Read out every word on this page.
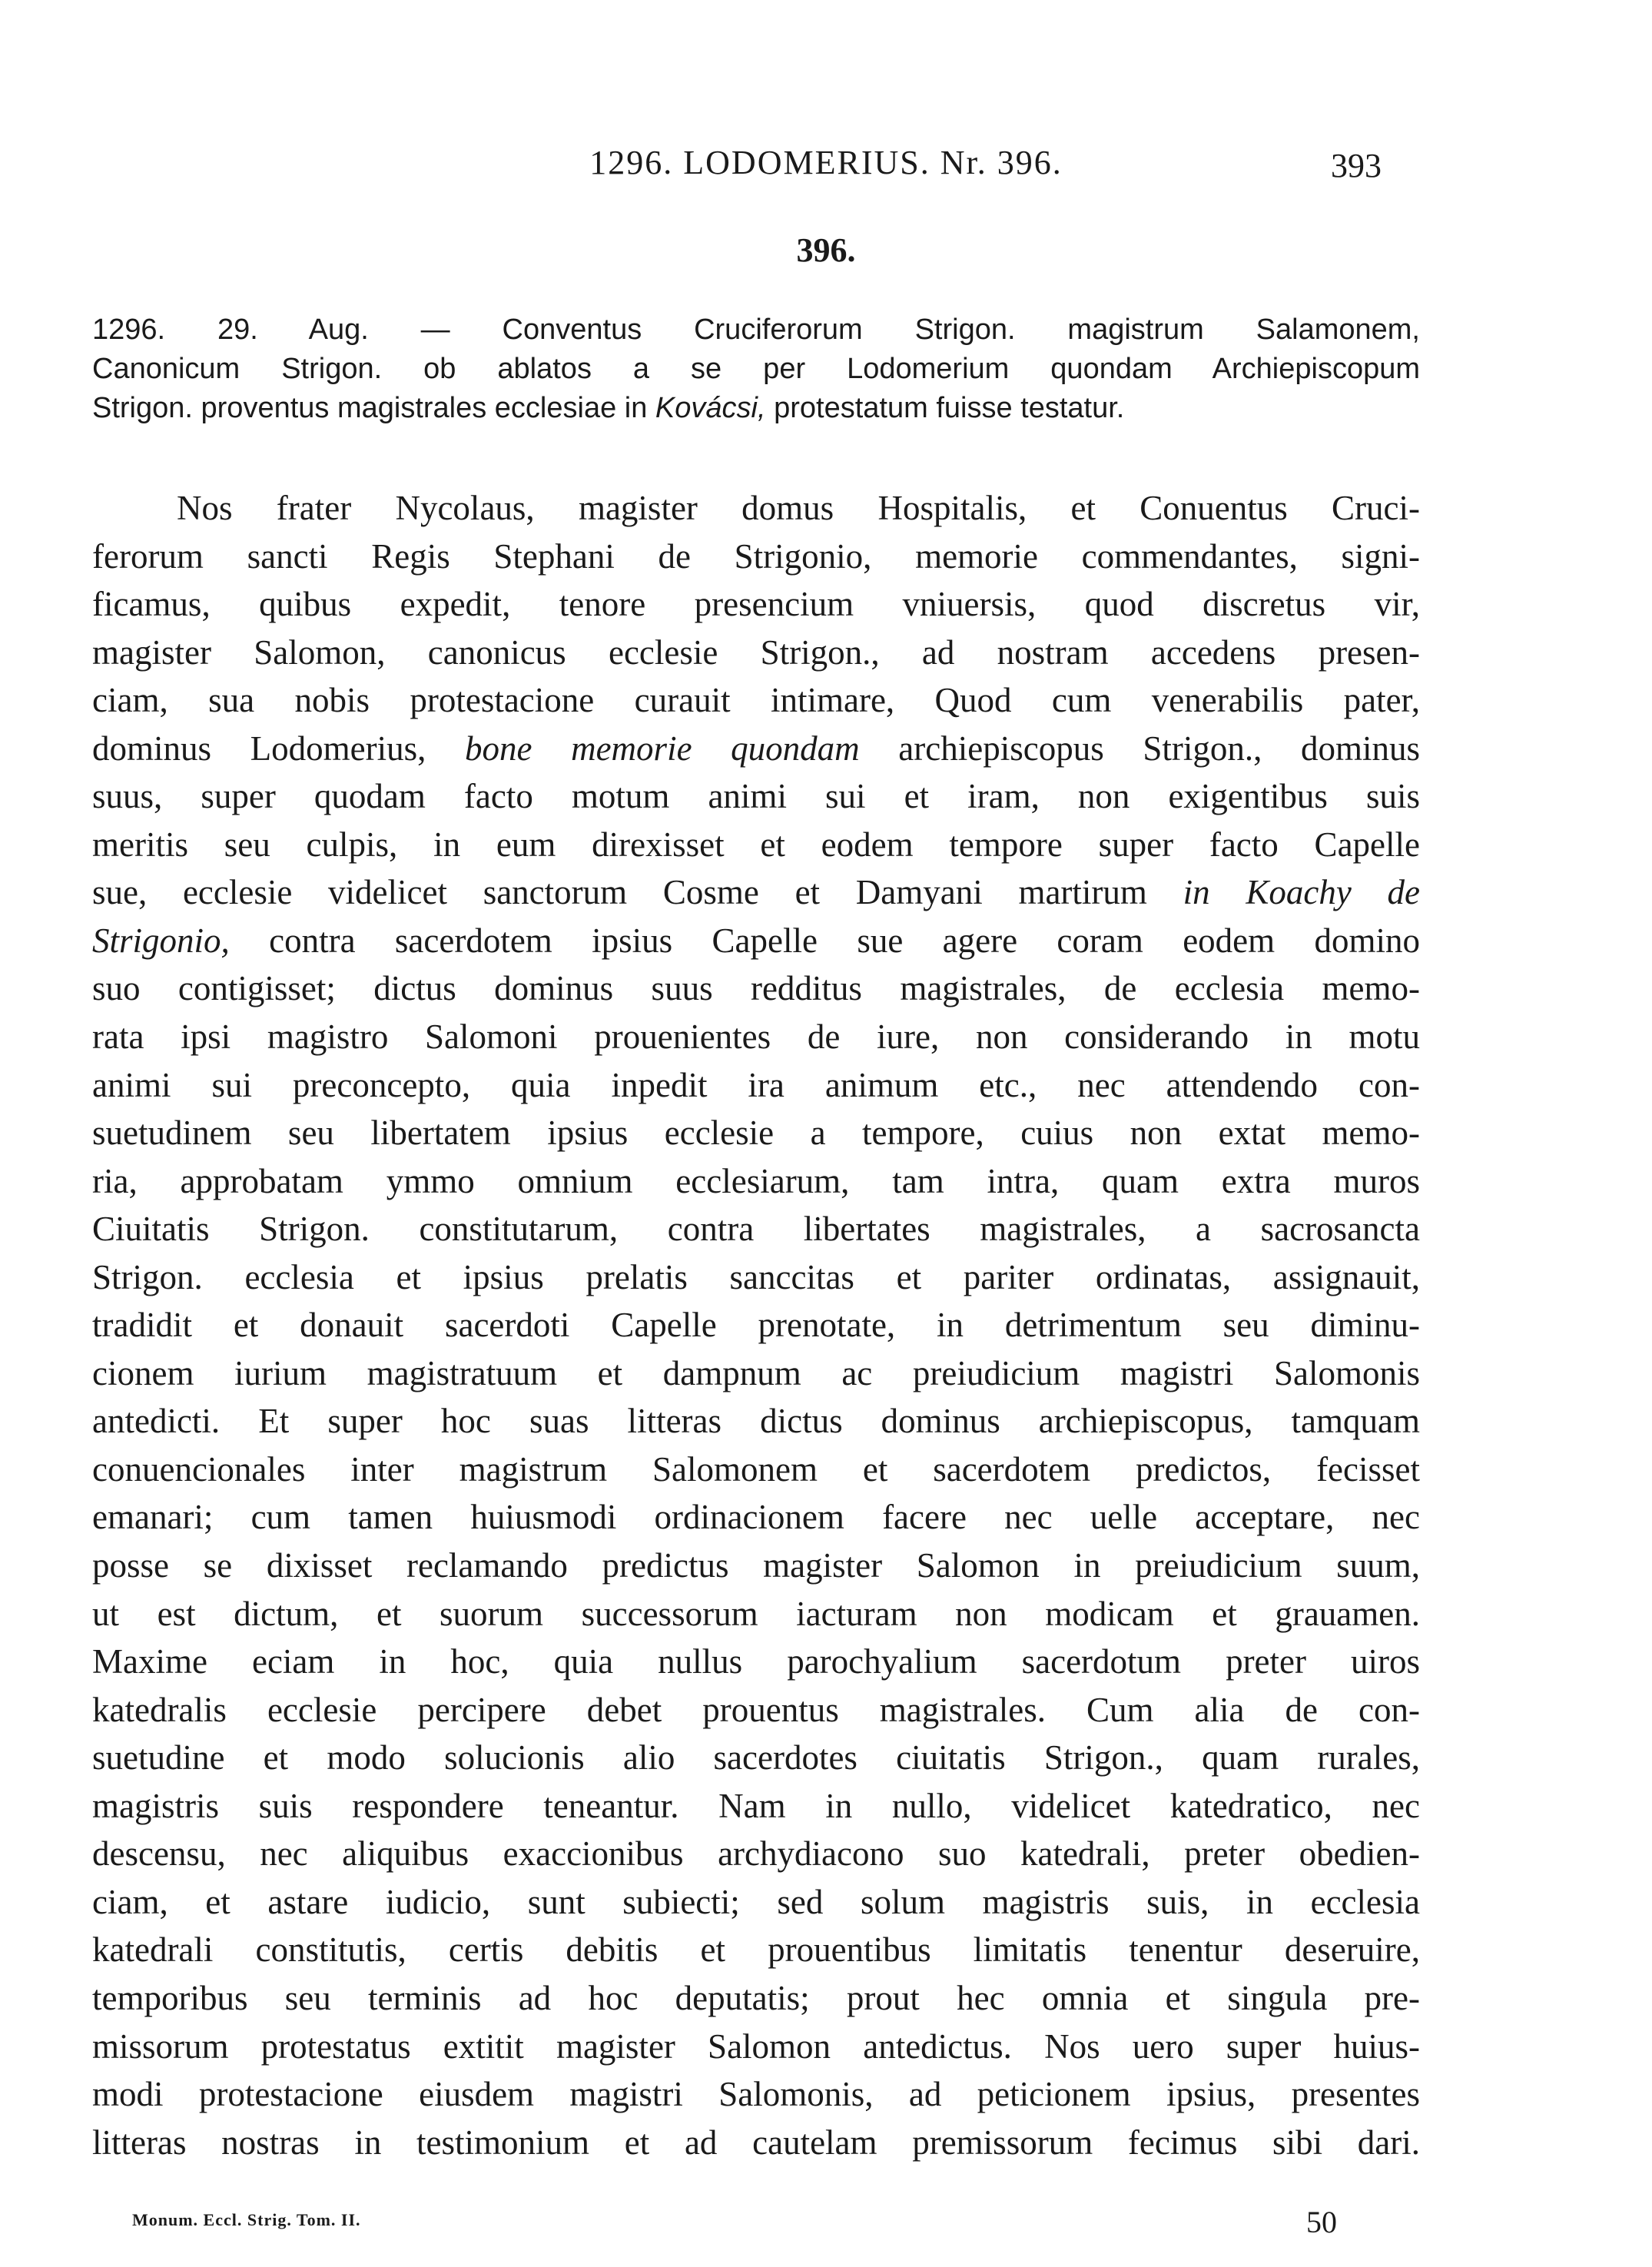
1296. LODOMERIUS. Nr. 396.	393
396.
1296. 29. Aug. — Conventus Cruciferorum Strigon. magistrum Salamonem,
Canonicum Strigon. ob ablatos a se per Lodomerium quondam Archiepiscopum
Strigon. proventus magistrales ecclesiae in Kovácsi, protestatum fuisse testatur.
Nos frater Nycolaus, magister domus Hospitalis, et Conuentus Cruci-
ferorum sancti Regis Stephani de Strigonio, memorie commendantes, signi-
ficamus, quibus expedit, tenore presencium vniuersis, quod discretus vir,
magister Salomon, canonicus ecclesie Strigon., ad nostram accedens presen-
ciam, sua nobis protestacione curauit intimare, Quod cum venerabilis pater,
dominus Lodomerius, bone memorie quondam archiepiscopus Strigon., dominus
suus, super quodam facto motum animi sui et iram, non exigentibus suis
meritis seu culpis, in eum direxisset et eodem tempore super facto Capelle
sue, ecclesie videlicet sanctorum Cosme et Damyani martirum in Koachy de
Strigonio, contra sacerdotem ipsius Capelle sue agere coram eodem domino
suo contigisset; dictus dominus suus redditus magistrales, de ecclesia memo-
rata ipsi magistro Salomoni prouenientes de iure, non considerando in motu
animi sui preconcepto, quia inpedit ira animum etc., nec attendendo con-
suetudinem seu libertatem ipsius ecclesie a tempore, cuius non extat memo-
ria, approbatam ymmo omnium ecclesiarum, tam intra, quam extra muros
Ciuitatis Strigon. constitutarum, contra libertates magistrales, a sacrosancta
Strigon. ecclesia et ipsius prelatis sanccitas et pariter ordinatas, assignauit,
tradidit et donauit sacerdoti Capelle prenotate, in detrimentum seu diminu-
cionem iurium magistratuum et dampnum ac preiudicium magistri Salomonis
antedicti. Et super hoc suas litteras dictus dominus archiepiscopus, tamquam
conuencionales inter magistrum Salomonem et sacerdotem predictos, fecisset
emanari; cum tamen huiusmodi ordinacionem facere nec uelle acceptare, nec
posse se dixisset reclamando predictus magister Salomon in preiudicium suum,
ut est dictum, et suorum successorum iacturam non modicam et grauamen.
Maxime eciam in hoc, quia nullus parochyalium sacerdotum preter uiros
katedralis ecclesie percipere debet prouentus magistrales. Cum alia de con-
suetudine et modo solucionis alio sacerdotes ciuitatis Strigon., quam rurales,
magistris suis respondere teneantur. Nam in nullo, videlicet katedratico, nec
descensu, nec aliquibus exaccionibus archydiacono suo katedrali, preter obedien-
ciam, et astare iudicio, sunt subiecti; sed solum magistris suis, in ecclesia
katedrali constitutis, certis debitis et prouentibus limitatis tenentur deseruire,
temporibus seu terminis ad hoc deputatis; prout hec omnia et singula pre-
missorum protestatus extitit magister Salomon antedictus. Nos uero super huius-
modi protestacione eiusdem magistri Salomonis, ad peticionem ipsius, presentes
litteras nostras in testimonium et ad cautelam premissorum fecimus sibi dari.
Monum. Eccl. Strig. Tom. II.	50
